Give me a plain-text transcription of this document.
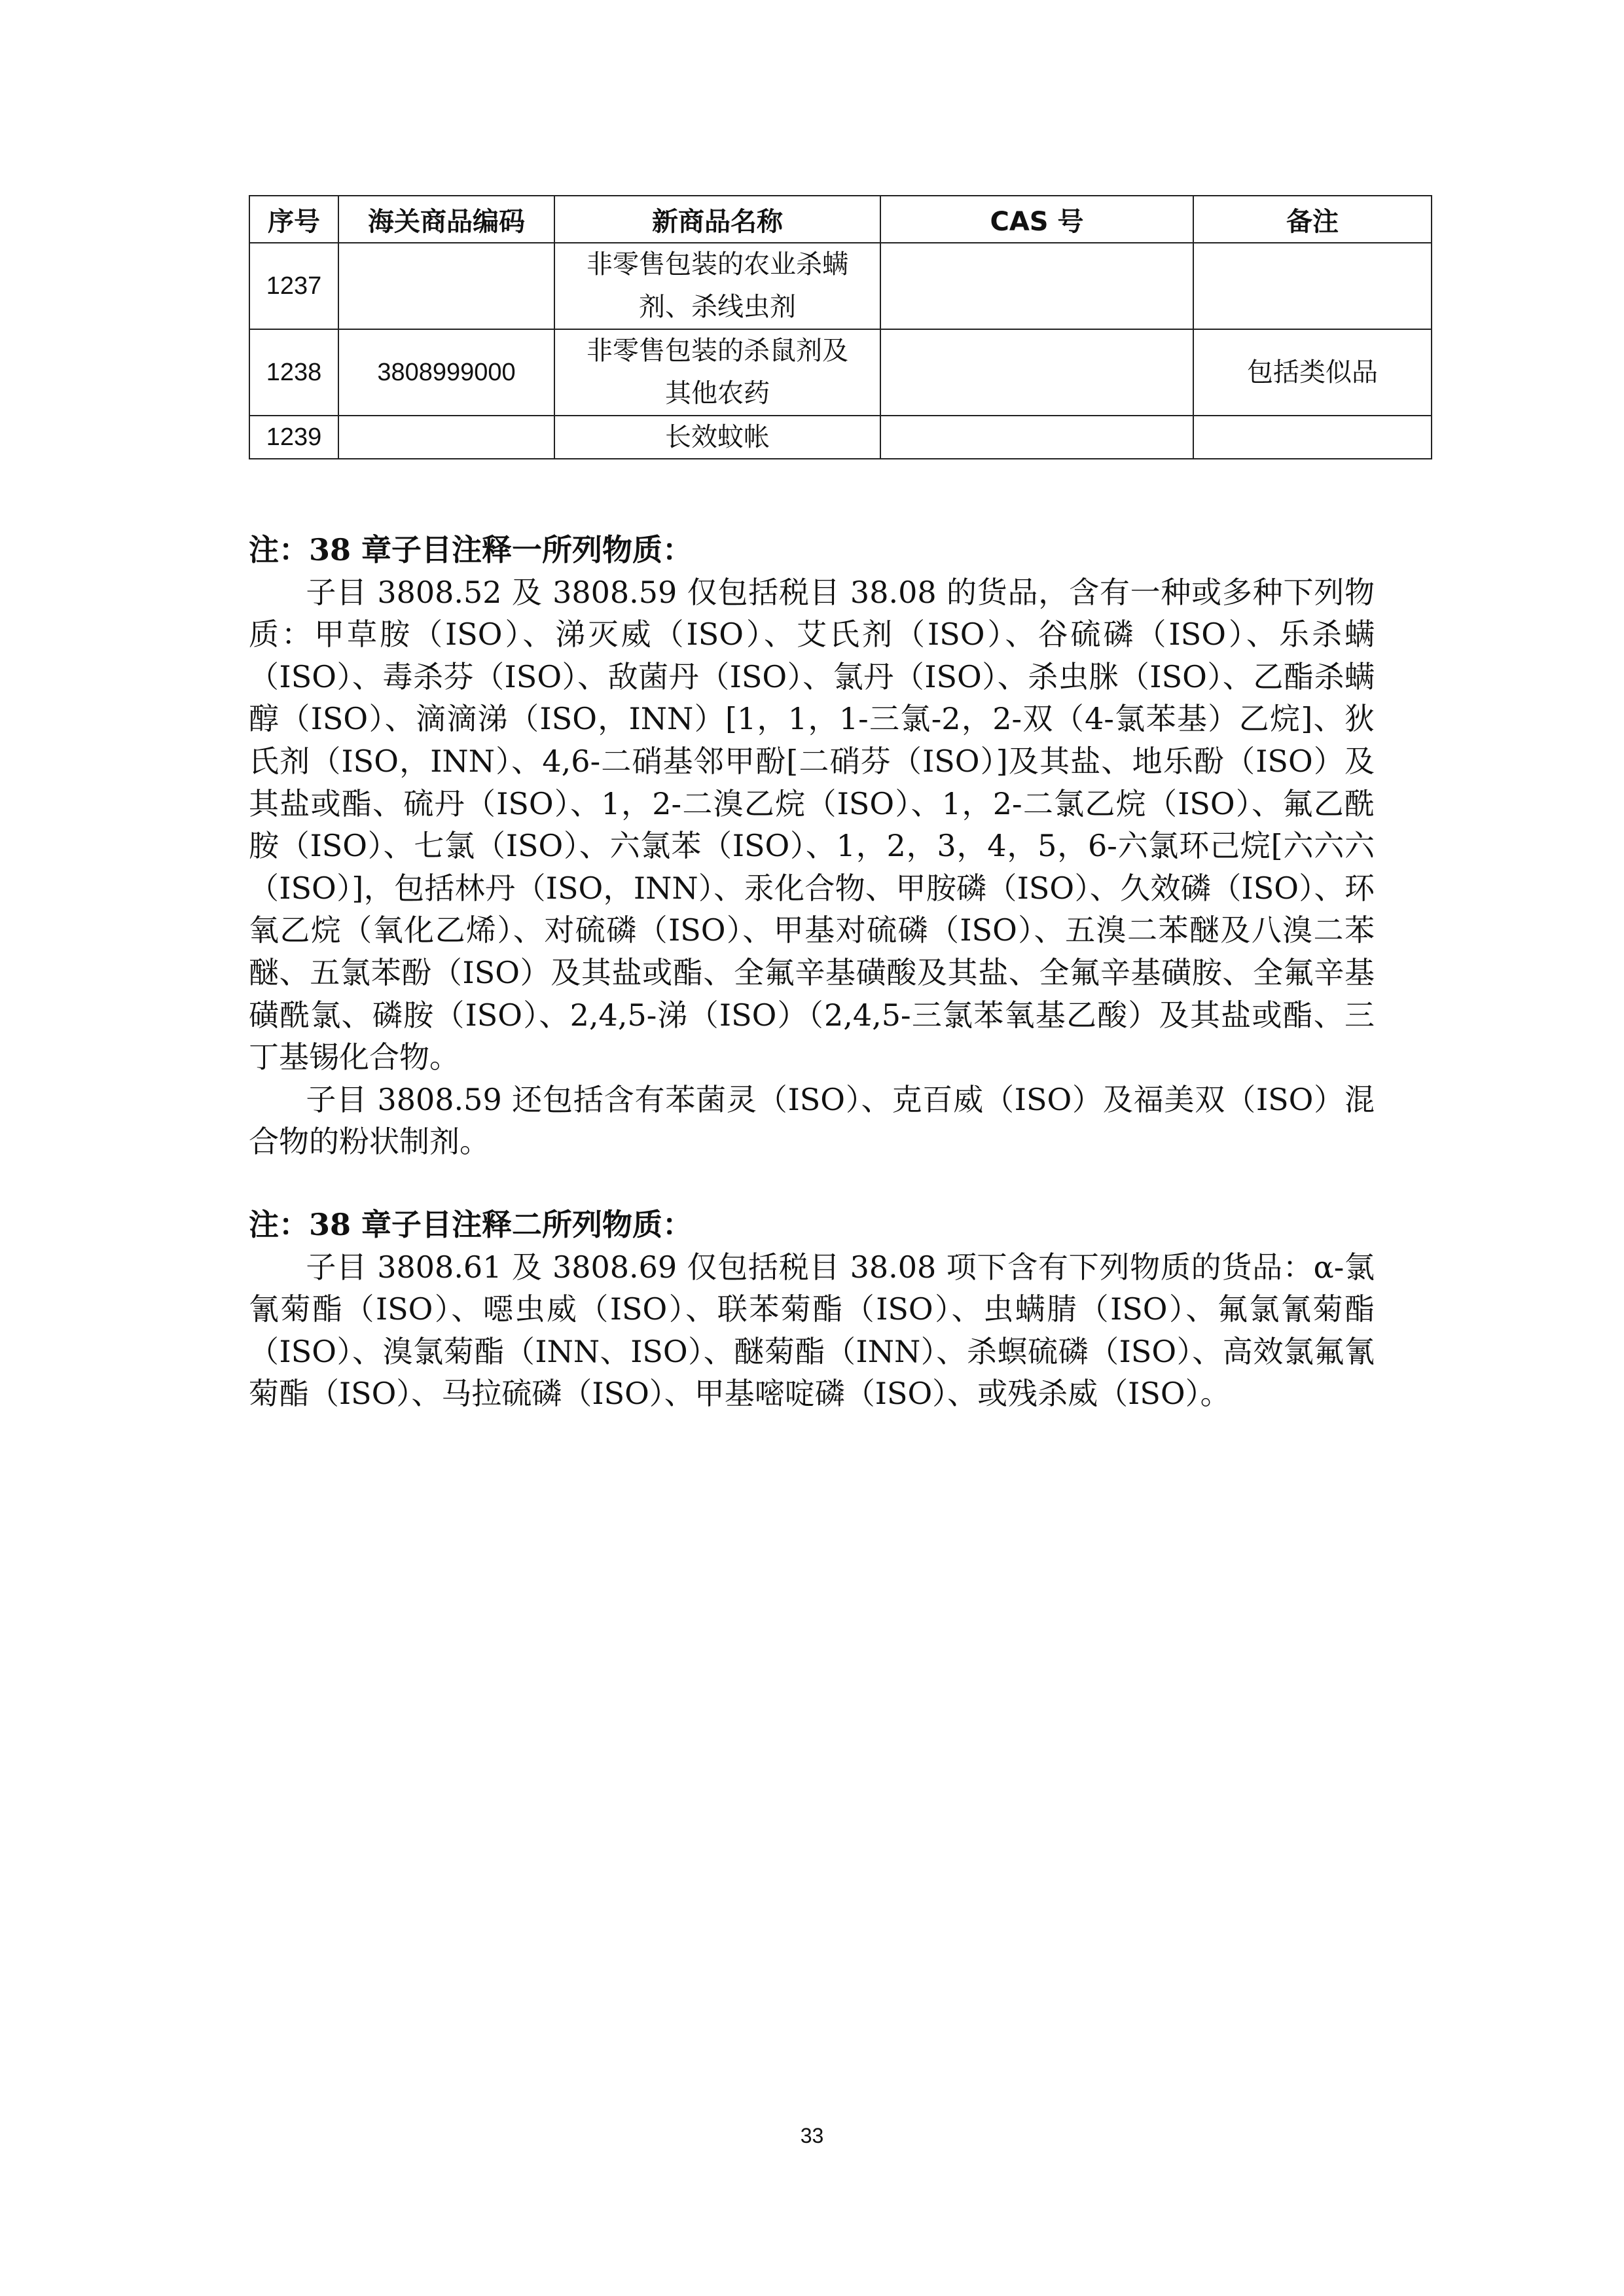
序号	海关商品编码	新商品名称	CAS 号	备注
1237		非零售包装的农业杀螨
剂、杀线虫剂		

1238	3808999000	非零售包装的杀鼠剂及
其他农药		包括类似品
1239		长效蚊帐		

注：38 章子目注释一所列物质：

子目 3808.52 及 3808.59 仅包括税目 38.08 的货品，含有一种或多种下列物质：甲草胺（ISO）、涕灭威（ISO）、艾氏剂（ISO）、谷硫磷（ISO）、乐杀螨（ISO）、毒杀芬（ISO）、敌菌丹（ISO）、氯丹（ISO）、杀虫脒（ISO）、乙酯杀螨醇（ISO）、滴滴涕（ISO，INN）[1，1，1-三氯-2，2-双（4-氯苯基）乙烷]、狄氏剂（ISO，INN）、4,6-二硝基邻甲酚[二硝芬（ISO）]及其盐、地乐酚（ISO）及其盐或酯、硫丹（ISO）、1，2-二溴乙烷（ISO）、1，2-二氯乙烷（ISO）、氟乙酰胺（ISO）、七氯（ISO）、六氯苯（ISO）、1，2，3，4，5，6-六氯环己烷[六六六（ISO）]，包括林丹（ISO，INN）、汞化合物、甲胺磷（ISO）、久效磷（ISO）、环氧乙烷（氧化乙烯）、对硫磷（ISO）、甲基对硫磷（ISO）、五溴二苯醚及八溴二苯醚、五氯苯酚（ISO）及其盐或酯、全氟辛基磺酸及其盐、全氟辛基磺胺、全氟辛基磺酰氯、磷胺（ISO）、2,4,5-涕（ISO）（2,4,5-三氯苯氧基乙酸）及其盐或酯、三丁基锡化合物。

子目 3808.59 还包括含有苯菌灵（ISO）、克百威（ISO）及福美双（ISO）混合物的粉状制剂。

注：38 章子目注释二所列物质：

子目 3808.61 及 3808.69 仅包括税目 38.08 项下含有下列物质的货品：α-氯氰菊酯（ISO）、噁虫威（ISO）、联苯菊酯（ISO）、虫螨腈（ISO）、氟氯氰菊酯（ISO）、溴氯菊酯（INN、ISO）、醚菊酯（INN）、杀螟硫磷（ISO）、高效氯氟氰菊酯（ISO）、马拉硫磷（ISO）、甲基嘧啶磷（ISO）、或残杀威（ISO）。

33
